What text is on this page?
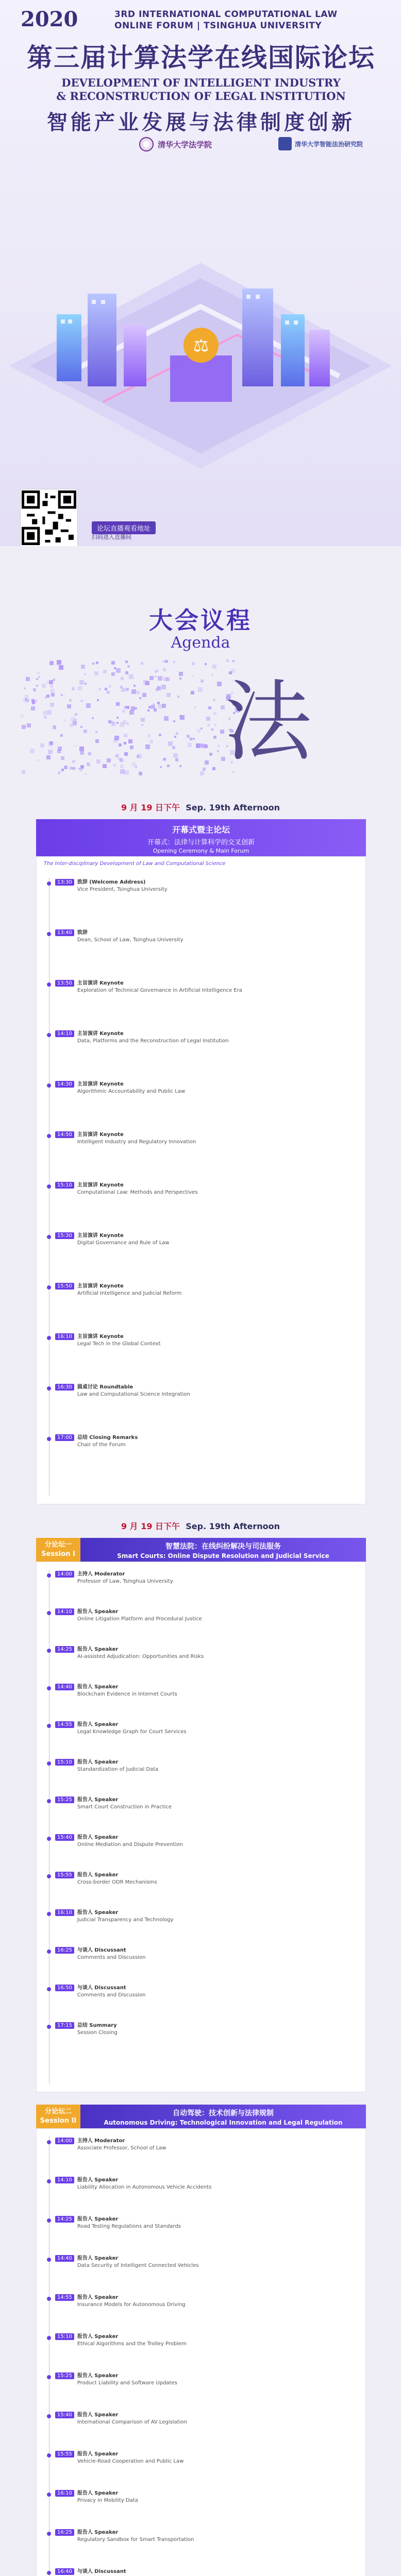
2020	3RD INTERNATIONAL COMPUTATIONAL LAW
ONLINE FORUM | TSINGHUA UNIVERSITY
第三届计算法学在线国际论坛
DEVELOPMENT OF INTELLIGENT INDUSTRY
& RECONSTRUCTION OF LEGAL INSTITUTION
智能产业发展与法律制度创新
清华大学法学院	清华大学智能法治研究院
⚖
论坛直播观看地址
扫码进入直播间
大会议程
Agenda
法
9 月 19 日下午 Sep. 19th Afternoon
开幕式暨主论坛
开幕式：法律与计算科学的交叉创新
Opening Ceremony & Main Forum
The Inter-disciplinary Development of Law and Computational Science
13:30	致辞 (Welcome Address)
Vice President, Tsinghua University
13:40	致辞
Dean, School of Law, Tsinghua University
13:50	主旨演讲 Keynote
Exploration of Technical Governance in Artificial Intelligence Era
14:10	主旨演讲 Keynote
Data, Platforms and the Reconstruction of Legal Institution
14:30	主旨演讲 Keynote
Algorithmic Accountability and Public Law
14:50	主旨演讲 Keynote
Intelligent Industry and Regulatory Innovation
15:10	主旨演讲 Keynote
Computational Law: Methods and Perspectives
15:30	主旨演讲 Keynote
Digital Governance and Rule of Law
15:50	主旨演讲 Keynote
Artificial Intelligence and Judicial Reform
16:10	主旨演讲 Keynote
Legal Tech in the Global Context
16:30	圆桌讨论 Roundtable
Law and Computational Science Integration
17:00	总结 Closing Remarks
Chair of the Forum
9 月 19 日下午 Sep. 19th Afternoon
分论坛一
Session I
智慧法院：在线纠纷解决与司法服务
Smart Courts: Online Dispute Resolution and Judicial Service
14:00	主持人 Moderator
Professor of Law, Tsinghua University
14:10	报告人 Speaker
Online Litigation Platform and Procedural Justice
14:25	报告人 Speaker
AI-assisted Adjudication: Opportunities and Risks
14:40	报告人 Speaker
Blockchain Evidence in Internet Courts
14:55	报告人 Speaker
Legal Knowledge Graph for Court Services
15:10	报告人 Speaker
Standardization of Judicial Data
15:25	报告人 Speaker
Smart Court Construction in Practice
15:40	报告人 Speaker
Online Mediation and Dispute Prevention
15:55	报告人 Speaker
Cross-border ODR Mechanisms
16:10	报告人 Speaker
Judicial Transparency and Technology
16:25	与谈人 Discussant
Comments and Discussion
16:50	与谈人 Discussant
Comments and Discussion
17:15	总结 Summary
Session Closing
分论坛二
Session II
自动驾驶：技术创新与法律规制
Autonomous Driving: Technological Innovation and Legal Regulation
14:00	主持人 Moderator
Associate Professor, School of Law
14:10	报告人 Speaker
Liability Allocation in Autonomous Vehicle Accidents
14:25	报告人 Speaker
Road Testing Regulations and Standards
14:40	报告人 Speaker
Data Security of Intelligent Connected Vehicles
14:55	报告人 Speaker
Insurance Models for Autonomous Driving
15:10	报告人 Speaker
Ethical Algorithms and the Trolley Problem
15:25	报告人 Speaker
Product Liability and Software Updates
15:40	报告人 Speaker
International Comparison of AV Legislation
15:55	报告人 Speaker
Vehicle-Road Cooperation and Public Law
16:10	报告人 Speaker
Privacy in Mobility Data
16:25	报告人 Speaker
Regulatory Sandbox for Smart Transportation
16:40	与谈人 Discussant
